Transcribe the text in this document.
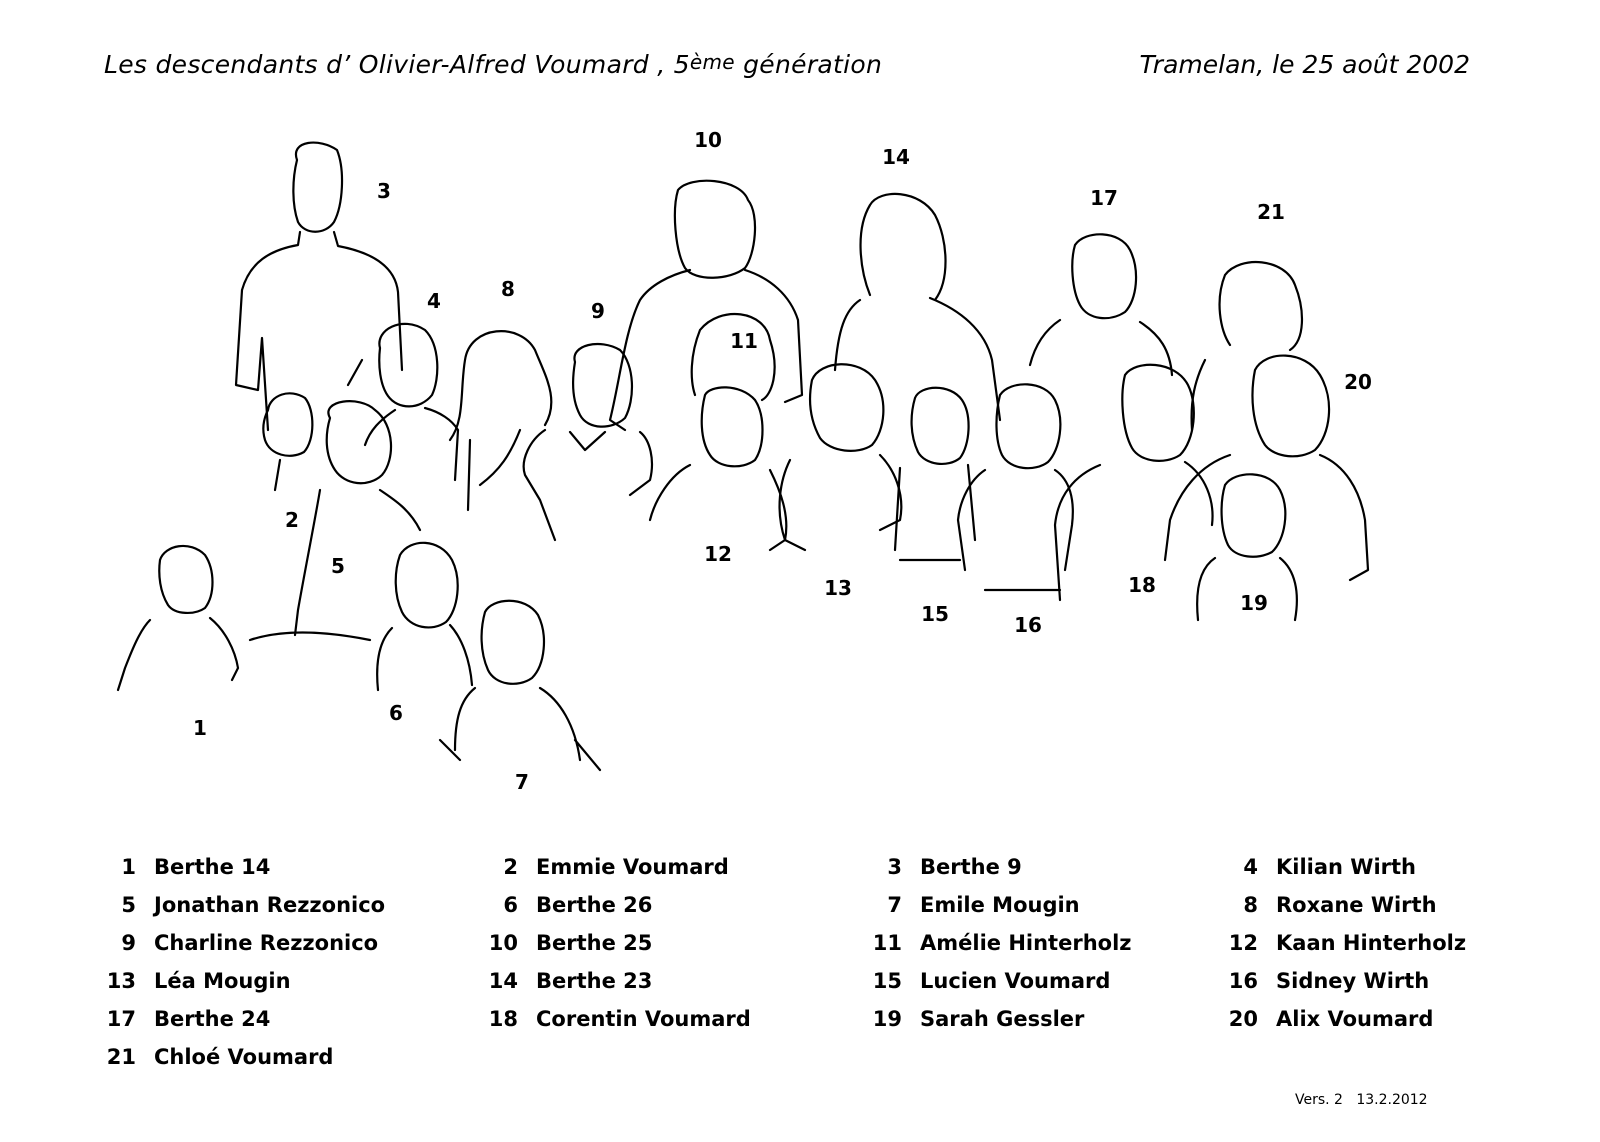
Les descendants d’ Olivier-Alfred Voumard , 5ème génération	Tramelan, le 25 août 2002
1
2
3
4
5
6
7
8
9
10
11
12
13
14
15	16
17
18
19
20
21
1 Berthe 14	2 Emmie Voumard	3 Berthe 9	4 Kilian Wirth
5 Jonathan Rezzonico	6 Berthe 26	7 Emile Mougin	8 Roxane Wirth
9 Charline Rezzonico	10 Berthe 25	11 Amélie Hinterholz	12 Kaan Hinterholz
13 Léa Mougin	14 Berthe 23	15 Lucien Voumard	16 Sidney Wirth
17 Berthe 24	18 Corentin Voumard	19 Sarah Gessler	20 Alix Voumard
21 Chloé Voumard
Vers. 2 13.2.2012
